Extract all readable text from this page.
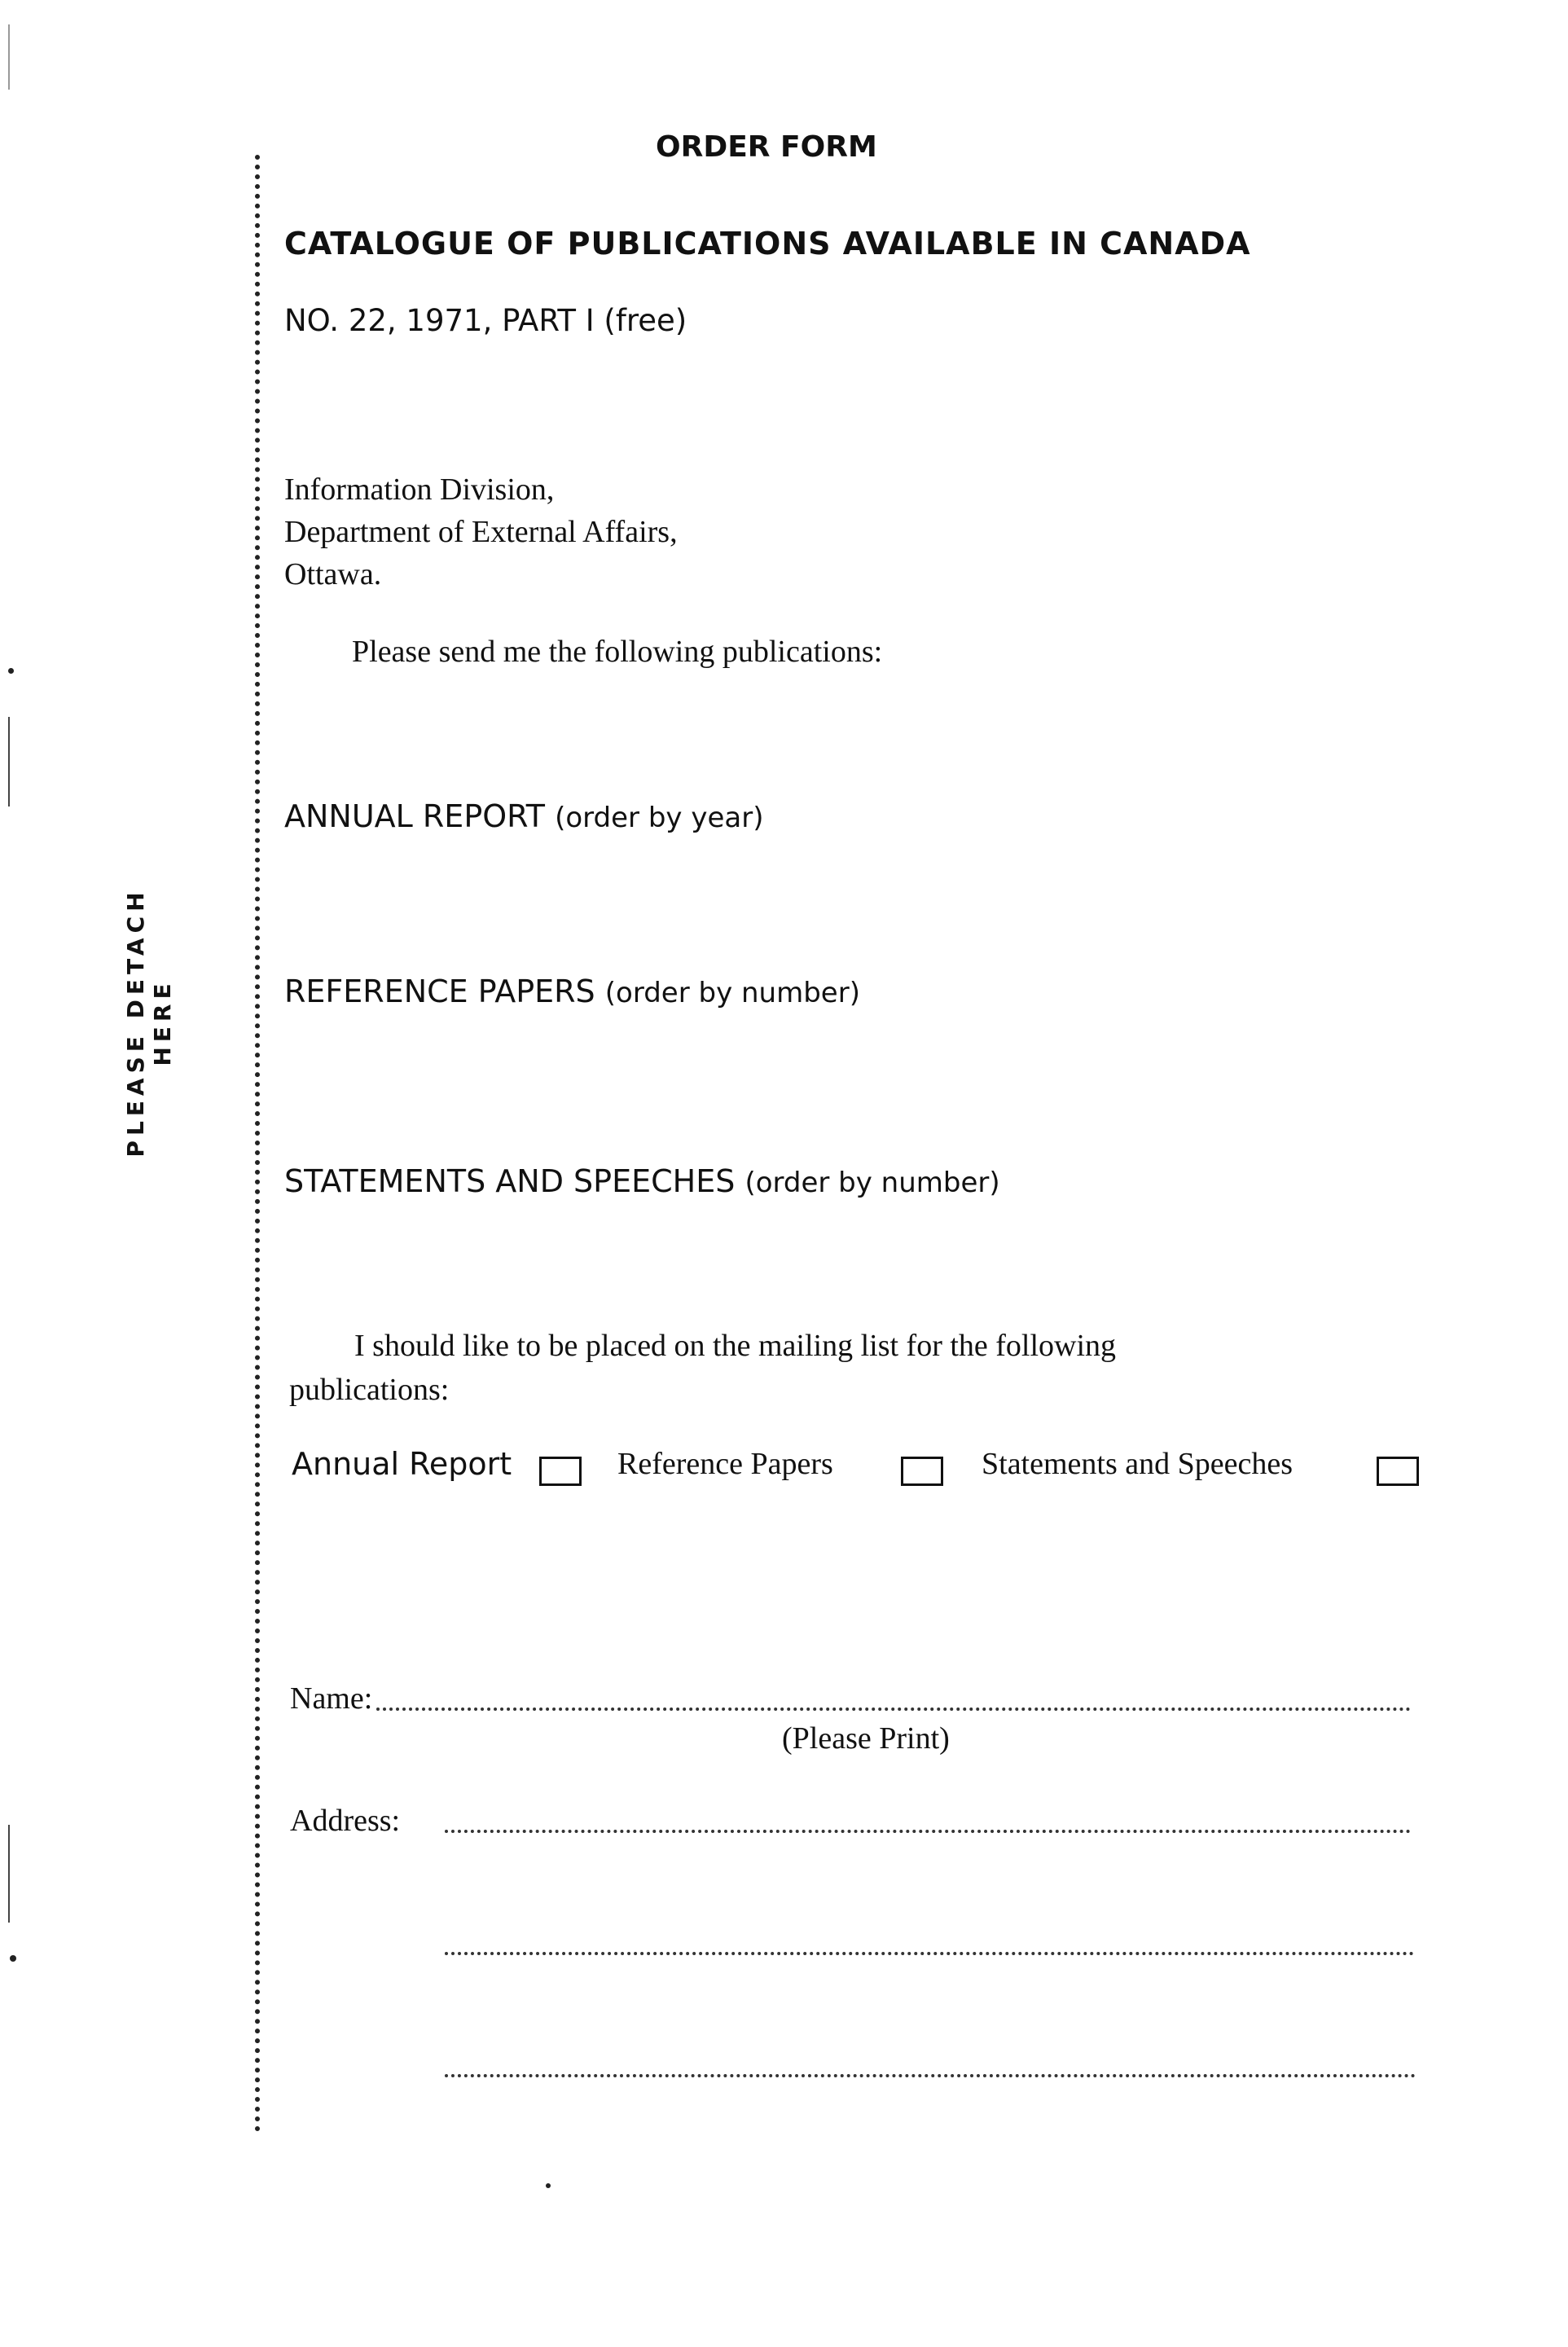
PLEASE DETACH HERE
ORDER FORM
CATALOGUE OF PUBLICATIONS AVAILABLE IN CANADA
NO. 22, 1971, PART I (free)
Information Division,
Department of External Affairs,
Ottawa.
Please send me the following publications:
ANNUAL REPORT (order by year)
REFERENCE PAPERS (order by number)
STATEMENTS AND SPEECHES (order by number)
I should like to be placed on the mailing list for the following
publications:
Annual Report	Reference Papers	Statements and Speeches
Name:
(Please Print)
Address:
